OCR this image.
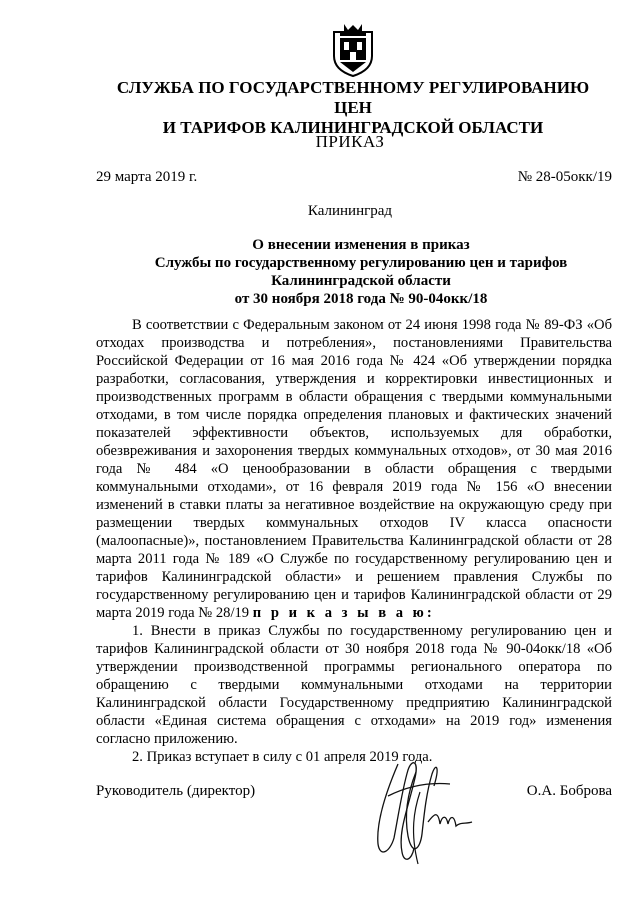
СЛУЖБА ПО ГОСУДАРСТВЕННОМУ РЕГУЛИРОВАНИЮ ЦЕН
И ТАРИФОВ КАЛИНИНГРАДСКОЙ ОБЛАСТИ
ПРИКАЗ
29 марта 2019 г.	№ 28-05окк/19
Калининград
О внесении изменения в приказ
Службы по государственному регулированию цен и тарифов
Калининградской области
от 30 ноября 2018 года № 90-04окк/18

В соответствии с Федеральным законом от 24 июня 1998 года № 89-ФЗ «Об отходах производства и потребления», постановлениями Правительства Российской Федерации от 16 мая 2016 года № 424 «Об утверждении порядка разработки, согласования, утверждения и корректировки инвестиционных и производственных программ в области обращения с твердыми коммунальными отходами, в том числе порядка определения плановых и фактических значений показателей эффективности объектов, используемых для обработки, обезвреживания и захоронения твердых коммунальных отходов», от 30 мая 2016 года № 484 «О ценообразовании в области обращения с твердыми коммунальными отходами», от 16 февраля 2019 года № 156 «О внесении изменений в ставки платы за негативное воздействие на окружающую среду при размещении твердых коммунальных отходов IV класса опасности (малоопасные)», постановлением Правительства Калининградской области от 28 марта 2011 года № 189 «О Службе по государственному регулированию цен и тарифов Калининградской области» и решением правления Службы по государственному регулированию цен и тарифов Калининградской области от 29 марта 2019 года № 28/19 п р и к а з ы в а ю:

1. Внести в приказ Службы по государственному регулированию цен и тарифов Калининградской области от 30 ноября 2018 года № 90-04окк/18 «Об утверждении производственной программы регионального оператора по обращению с твердыми коммунальными отходами на территории Калининградской области Государственному предприятию Калининградской области «Единая система обращения с отходами» на 2019 год» изменения согласно приложению.

2. Приказ вступает в силу с 01 апреля 2019 года.

Руководитель (директор)	О.А. Боброва
